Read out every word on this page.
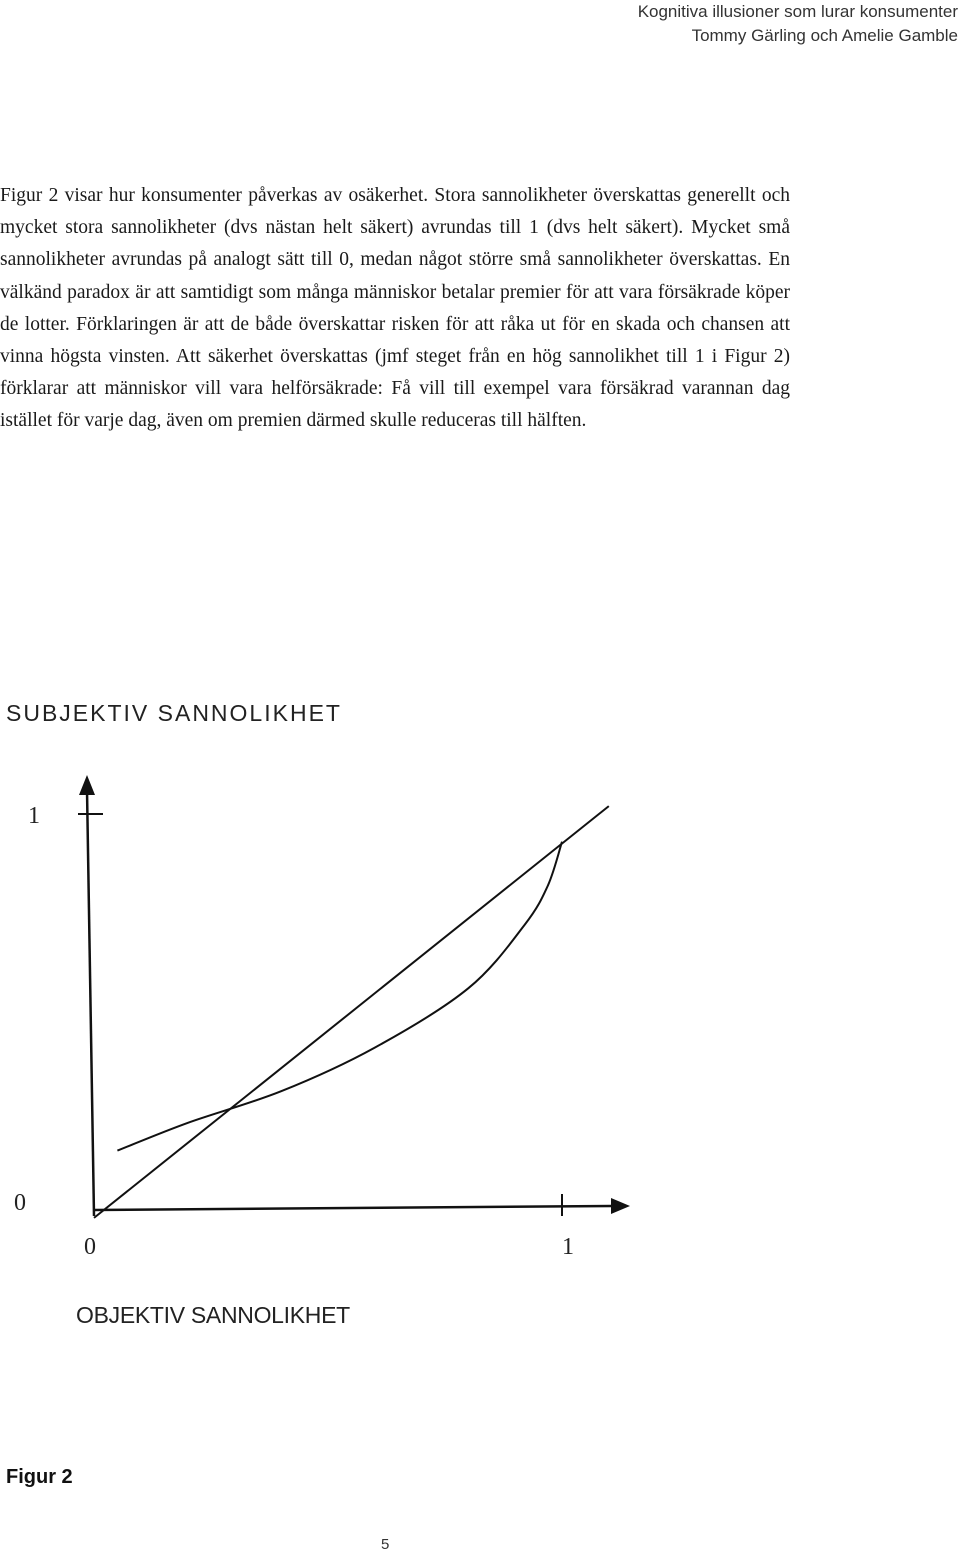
Kognitiva illusioner som lurar konsumenter
Tommy Gärling och Amelie Gamble

Figur 2 visar hur konsumenter påverkas av osäkerhet. Stora sannolikheter överskattas generellt och mycket stora sannolikheter (dvs nästan helt säkert) avrundas till 1 (dvs helt säkert). Mycket små sannolikheter avrundas på analogt sätt till 0, medan något större små sannolikheter överskattas. En välkänd paradox är att samtidigt som många människor betalar premier för att vara försäkrade köper de lotter. Förklaringen är att de både överskattar risken för att råka ut för en skada och chansen att vinna högsta vinsten. Att säkerhet överskattas (jmf steget från en hög sannolikhet till 1 i Figur 2) förklarar att människor vill vara helförsäkrade: Få vill till exempel vara försäkrad varannan dag istället för varje dag, även om premien därmed skulle reduceras till hälften.

SUBJEKTIV SANNOLIKHET
1
0
0	1
OBJEKTIV SANNOLIKHET
Figur 2
5
